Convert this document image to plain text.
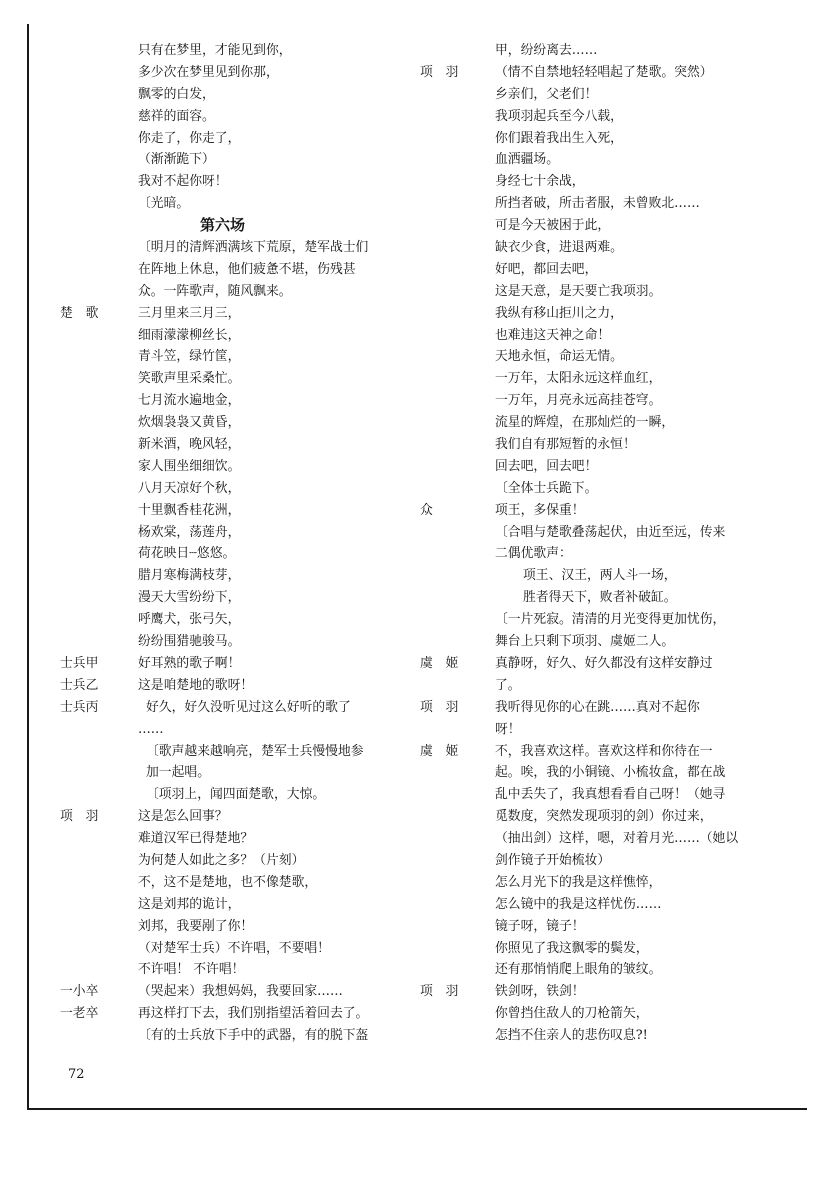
只有在梦里，才能见到你，
多少次在梦里见到你那，
飘零的白发，
慈祥的面容。
你走了，你走了，
（渐渐跪下）
我对不起你呀！
〔光暗。
第六场
〔明月的清辉洒满垓下荒原，楚军战士们
在阵地上休息，他们疲惫不堪，伤残甚
众。一阵歌声，随风飘来。
楚　歌	三月里来三月三，
细雨濛濛柳丝长，
青斗笠，绿竹筐，
笑歌声里采桑忙。
七月流水遍地金，
炊烟袅袅又黄昏，
新米酒，晚风轻，
家人围坐细细饮。
八月天凉好个秋，
十里飘香桂花洲，
杨欢棠，荡莲舟，
荷花映日┈悠悠。
腊月寒梅满枝芽，
漫天大雪纷纷下，
呼鹰犬，张弓矢，
纷纷围猎驰骏马。
士兵甲	好耳熟的歌子啊！
士兵乙	这是咱楚地的歌呀！
士兵丙	好久，好久没听见过这么好听的歌了
……
〔歌声越来越响亮，楚军士兵慢慢地参
加一起唱。
〔项羽上，闻四面楚歌，大惊。
项　羽	这是怎么回事？
难道汉军已得楚地？
为何楚人如此之多？（片刻）
不，这不是楚地，也不像楚歌，
这是刘邦的诡计，
刘邦，我要剐了你！
（对楚军士兵）不许唱，不要唱！
不许唱！ 不许唱！
一小卒	（哭起来）我想妈妈，我要回家……
一老卒	再这样打下去，我们别指望活着回去了。
〔有的士兵放下手中的武器，有的脱下盔
甲，纷纷离去……
项　羽	（情不自禁地轻轻唱起了楚歌。突然）
乡亲们，父老们！
我项羽起兵至今八载，
你们跟着我出生入死，
血洒疆场。
身经七十余战，
所挡者破，所击者服，未曾败北……
可是今天被困于此，
缺衣少食，进退两难。
好吧，都回去吧，
这是天意，是天要亡我项羽。
我纵有移山拒川之力，
也难违这天神之命！
天地永恒，命运无情。
一万年，太阳永远这样血红，
一万年，月亮永远高挂苍穹。
流星的辉煌，在那灿烂的一瞬，
我们自有那短暂的永恒！
回去吧，回去吧！
〔全体士兵跪下。
众	项王，多保重！
〔合唱与楚歌叠荡起伏，由近至远，传来
二偶优歌声：
项王、汉王，两人斗一场，
胜者得天下，败者补破缸。
〔一片死寂。清清的月光变得更加忧伤，
舞台上只剩下项羽、虞姬二人。
虞　姬	真静呀，好久、好久都没有这样安静过
了。
项　羽	我听得见你的心在跳……真对不起你
呀！
虞　姬	不，我喜欢这样。喜欢这样和你待在一
起。唉，我的小铜镜、小梳妆盒，都在战
乱中丢失了，我真想看看自己呀！（她寻
觅数度，突然发现项羽的剑）你过来，
（抽出剑）这样，嗯，对着月光……（她以
剑作镜子开始梳妆）
怎么月光下的我是这样憔悴，
怎么镜中的我是这样忧伤……
镜子呀，镜子！
你照见了我这飘零的鬓发，
还有那悄悄爬上眼角的皱纹。
项　羽	铁剑呀，铁剑！
你曾挡住敌人的刀枪箭矢，
怎挡不住亲人的悲伤叹息?!
72
